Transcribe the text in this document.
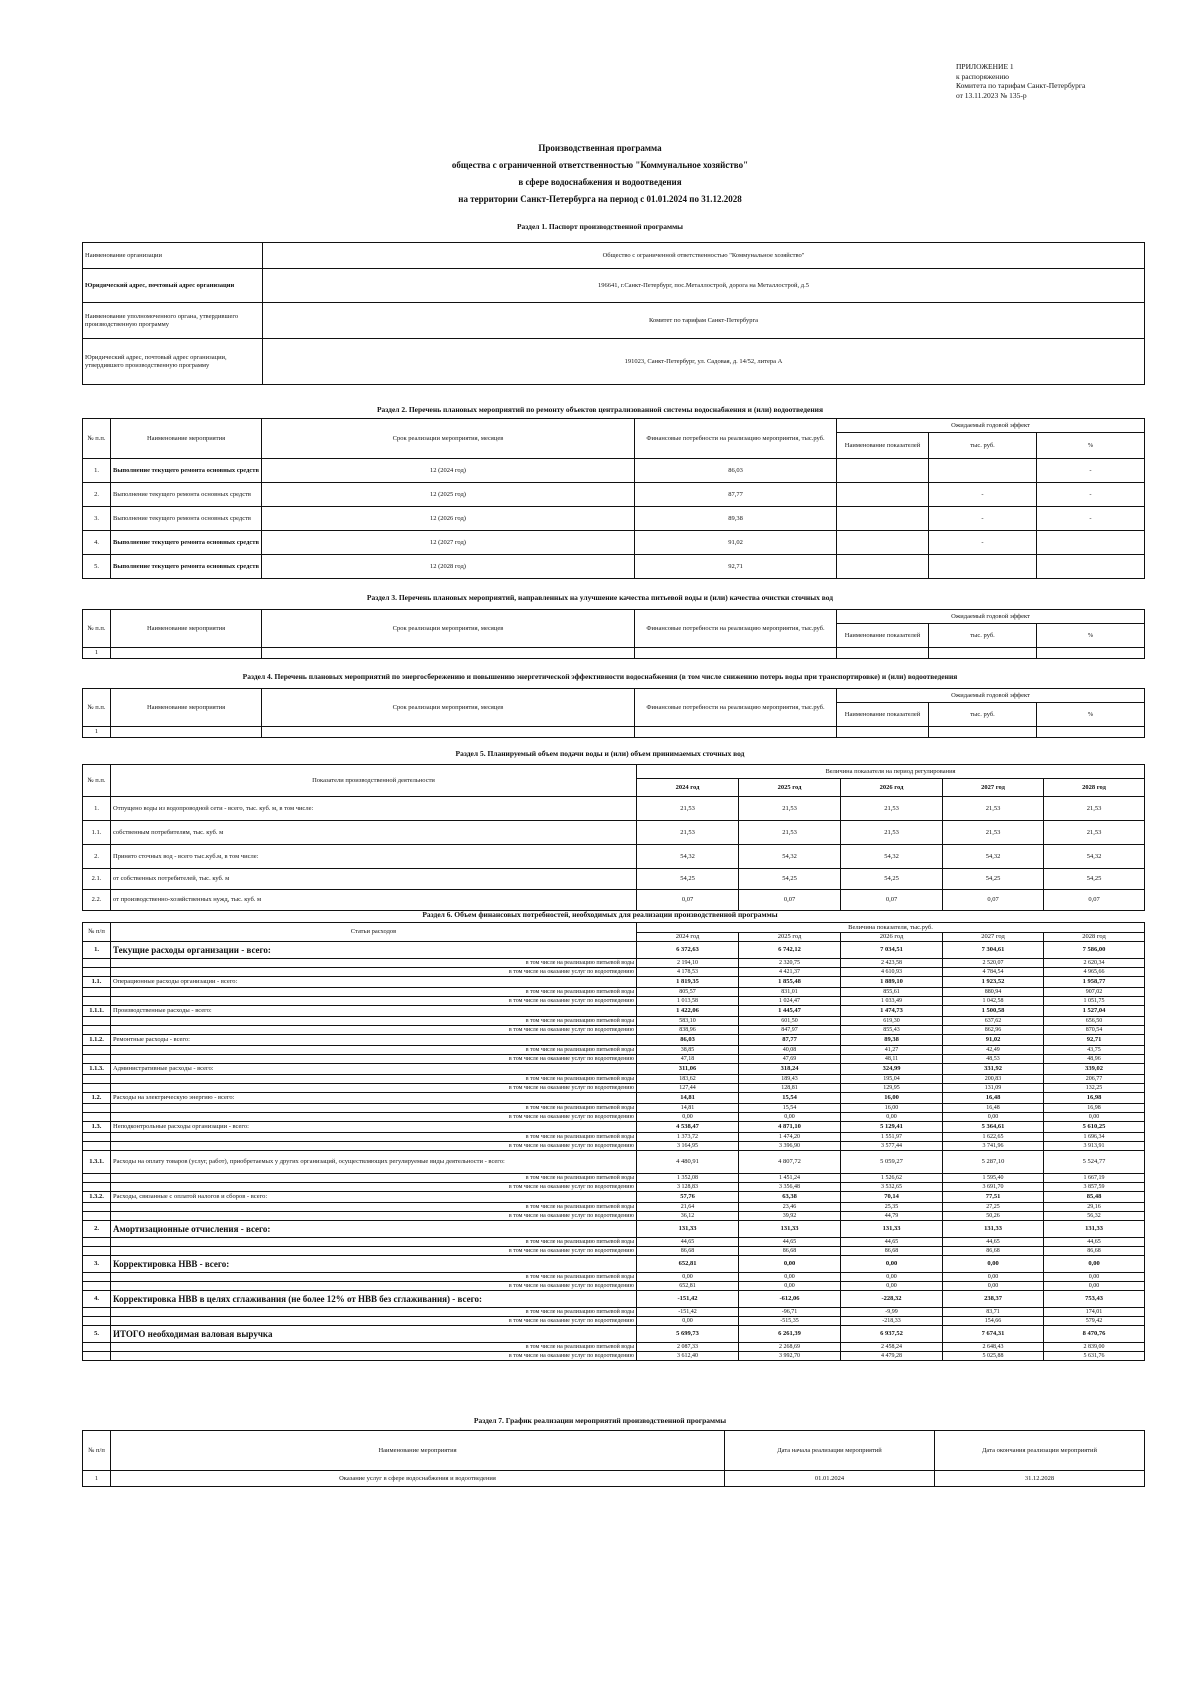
ПРИЛОЖЕНИЕ 1
к распоряжению
Комитета по тарифам Санкт-Петербурга
от 13.11.2023 № 135-р
Производственная программа
общества с ограниченной ответственностью "Коммунальное хозяйство"
в сфере водоснабжения и водоотведения
на территории Санкт-Петербурга на период с 01.01.2024 по 31.12.2028
Раздел 1. Паспорт производственной программы
Наименование организации	Общество с ограниченной ответственностью "Коммунальное хозяйство"
Юридический адрес, почтовый адрес организации	196641, г.Санкт-Петербург, пос.Металлострой, дорога на Металлострой, д.5
Наименование уполномоченного органа, утвердившего производственную программу	Комитет по тарифам Санкт-Петербурга
Юридический адрес, почтовый адрес организации, утвердившего производственную программу	191023, Санкт-Петербург, ул. Садовая, д. 14/52, литера А
Раздел 2. Перечень плановых мероприятий по ремонту объектов централизованной системы водоснабжения и (или) водоотведения
№ п.п.	Наименование мероприятия	Срок реализации мероприятия, месяцев	Финансовые потребности на реализацию мероприятия, тыс.руб.	Ожидаемый годовой эффект		
				Наименование показателей	тыс. руб.	%
1.	Выполнение текущего ремонта основных средств	12 (2024 год)	86,03			-
2.	Выполнение текущего ремонта основных средств	12 (2025 год)	87,77		-	-
3.	Выполнение текущего ремонта основных средств	12 (2026 год)	89,38		-	-
4.	Выполнение текущего ремонта основных средств	12 (2027 год)	91,02		-	
5.	Выполнение текущего ремонта основных средств	12 (2028 год)	92,71			
Раздел 3. Перечень плановых мероприятий, направленных на улучшение качества питьевой воды и (или) качества очистки сточных вод
№ п.п.	Наименование мероприятия	Срок реализации мероприятия, месяцев	Финансовые потребности на реализацию мероприятия, тыс.руб.	Ожидаемый годовой эффект		
				Наименование показателей	тыс. руб.	%
1						
Раздел 4. Перечень плановых мероприятий по энергосбережению и повышению энергетической эффективности водоснабжения (в том числе снижению потерь воды при транспортировке) и (или) водоотведения
№ п.п.	Наименование мероприятия	Срок реализации мероприятия, месяцев	Финансовые потребности на реализацию мероприятия, тыс.руб.	Ожидаемый годовой эффект		
				Наименование показателей	тыс. руб.	%
1						
Раздел 5. Планируемый объем подачи воды и (или) объем принимаемых сточных вод
№ п.п.	Показатели производственной деятельности	Величина показателя на период регулирования				
		2024 год	2025 год	2026 год	2027 год	2028 год
1.	Отпущено воды из водопроводной сети - всего, тыс. куб. м, в том числе:	21,53	21,53	21,53	21,53	21,53
1.1.	собственным потребителям, тыс. куб. м	21,53	21,53	21,53	21,53	21,53
2.	Принято сточных вод - всего тыс.куб.м, в том числе:	54,32	54,32	54,32	54,32	54,32
2.1.	от собственных потребителей, тыс. куб. м	54,25	54,25	54,25	54,25	54,25
2.2.	от производственно-хозяйственных нужд, тыс. куб. м	0,07	0,07	0,07	0,07	0,07
Раздел 6. Объем финансовых потребностей, необходимых для реализации производственной программы
№ п/п	Статьи расходов	Величина показателя, тыс.руб.				
		2024 год	2025 год	2026 год	2027 год	2028 год
1.	Текущие расходы организации - всего:	6 372,63	6 742,12	7 034,51	7 304,61	7 586,00
	в том числе на реализацию питьевой воды	2 194,10	2 320,75	2 423,58	2 520,07	2 620,34
	в том числе на оказание услуг по водоотведению	4 178,53	4 421,37	4 610,93	4 784,54	4 965,66
1.1.	Операционные расходы организации - всего:	1 819,35	1 855,48	1 889,10	1 923,52	1 958,77
	в том числе на реализацию питьевой воды	805,57	831,01	855,61	880,94	907,02
	в том числе на оказание услуг по водоотведению	1 013,58	1 024,47	1 033,49	1 042,58	1 051,75
1.1.1.	Производственные расходы - всего:	1 422,06	1 445,47	1 474,73	1 500,58	1 527,04
	в том числе на реализацию питьевой воды	583,10	601,50	619,30	637,62	656,50
	в том числе на оказание услуг по водоотведению	838,96	847,97	855,43	862,96	870,54
1.1.2.	Ремонтные расходы - всего:	86,03	87,77	89,38	91,02	92,71
	в том числе на реализацию питьевой воды	38,85	40,08	41,27	42,49	43,75
	в том числе на оказание услуг по водоотведению	47,18	47,69	48,11	48,53	48,96
1.1.3.	Административные расходы - всего:	311,06	318,24	324,99	331,92	339,02
	в том числе на реализацию питьевой воды	183,62	189,43	195,04	200,83	206,77
	в том числе на оказание услуг по водоотведению	127,44	128,81	129,95	131,09	132,25
1.2.	Расходы на электрическую энергию - всего:	14,81	15,54	16,00	16,48	16,98
	в том числе на реализацию питьевой воды	14,81	15,54	16,00	16,48	16,98
	в том числе на оказание услуг по водоотведению	0,00	0,00	0,00	0,00	0,00
1.3.	Неподконтрольные расходы организации - всего:	4 538,47	4 871,10	5 129,41	5 364,61	5 610,25
	в том числе на реализацию питьевой воды	1 373,72	1 474,20	1 551,97	1 622,65	1 696,34
	в том числе на оказание услуг по водоотведению	3 164,95	3 396,90	3 577,44	3 741,96	3 913,91
1.3.1.	Расходы на оплату товаров (услуг, работ), приобретаемых у других организаций, осуществляющих регулируемые виды деятельности - всего:	4 480,91	4 807,72	5 059,27	5 287,10	5 524,77
	в том числе на реализацию питьевой воды	1 352,08	1 451,24	1 526,62	1 595,40	1 667,19
	в том числе на оказание услуг по водоотведению	3 128,83	3 356,48	3 532,65	3 691,70	3 857,59
1.3.2.	Расходы, связанные с оплатой налогов и сборов - всего:	57,76	63,38	70,14	77,51	85,48
	в том числе на реализацию питьевой воды	21,64	23,46	25,35	27,25	29,16
	в том числе на оказание услуг по водоотведению	36,12	39,92	44,79	50,26	56,32
2.	Амортизационные отчисления - всего:	131,33	131,33	131,33	131,33	131,33
	в том числе на реализацию питьевой воды	44,65	44,65	44,65	44,65	44,65
	в том числе на оказание услуг по водоотведению	86,68	86,68	86,68	86,68	86,68
3.	Корректировка НВВ - всего:	652,81	0,00	0,00	0,00	0,00
	в том числе на реализацию питьевой воды	0,00	0,00	0,00	0,00	0,00
	в том числе на оказание услуг по водоотведению	652,81	0,00	0,00	0,00	0,00
4.	Корректировка НВВ в целях сглаживания (не более 12% от НВВ без сглаживания) - всего:	-151,42	-612,06	-228,32	238,37	753,43
	в том числе на реализацию питьевой воды	-151,42	-96,71	-9,99	83,71	174,01
	в том числе на оказание услуг по водоотведению	0,00	-515,35	-218,33	154,66	579,42
5.	ИТОГО необходимая валовая выручка	5 699,73	6 261,39	6 937,52	7 674,31	8 470,76
	в том числе на реализацию питьевой воды	2 087,33	2 268,69	2 458,24	2 648,43	2 839,00
	в том числе на оказание услуг по водоотведению	3 612,40	3 992,70	4 479,28	5 025,88	5 631,76
Раздел 7. График реализации мероприятий производственной программы
№ п/п	Наименование мероприятия	Дата начала реализации мероприятий	Дата окончания реализации мероприятий
1	Оказание услуг в сфере водоснабжения и водоотведения	01.01.2024	31.12.2028
